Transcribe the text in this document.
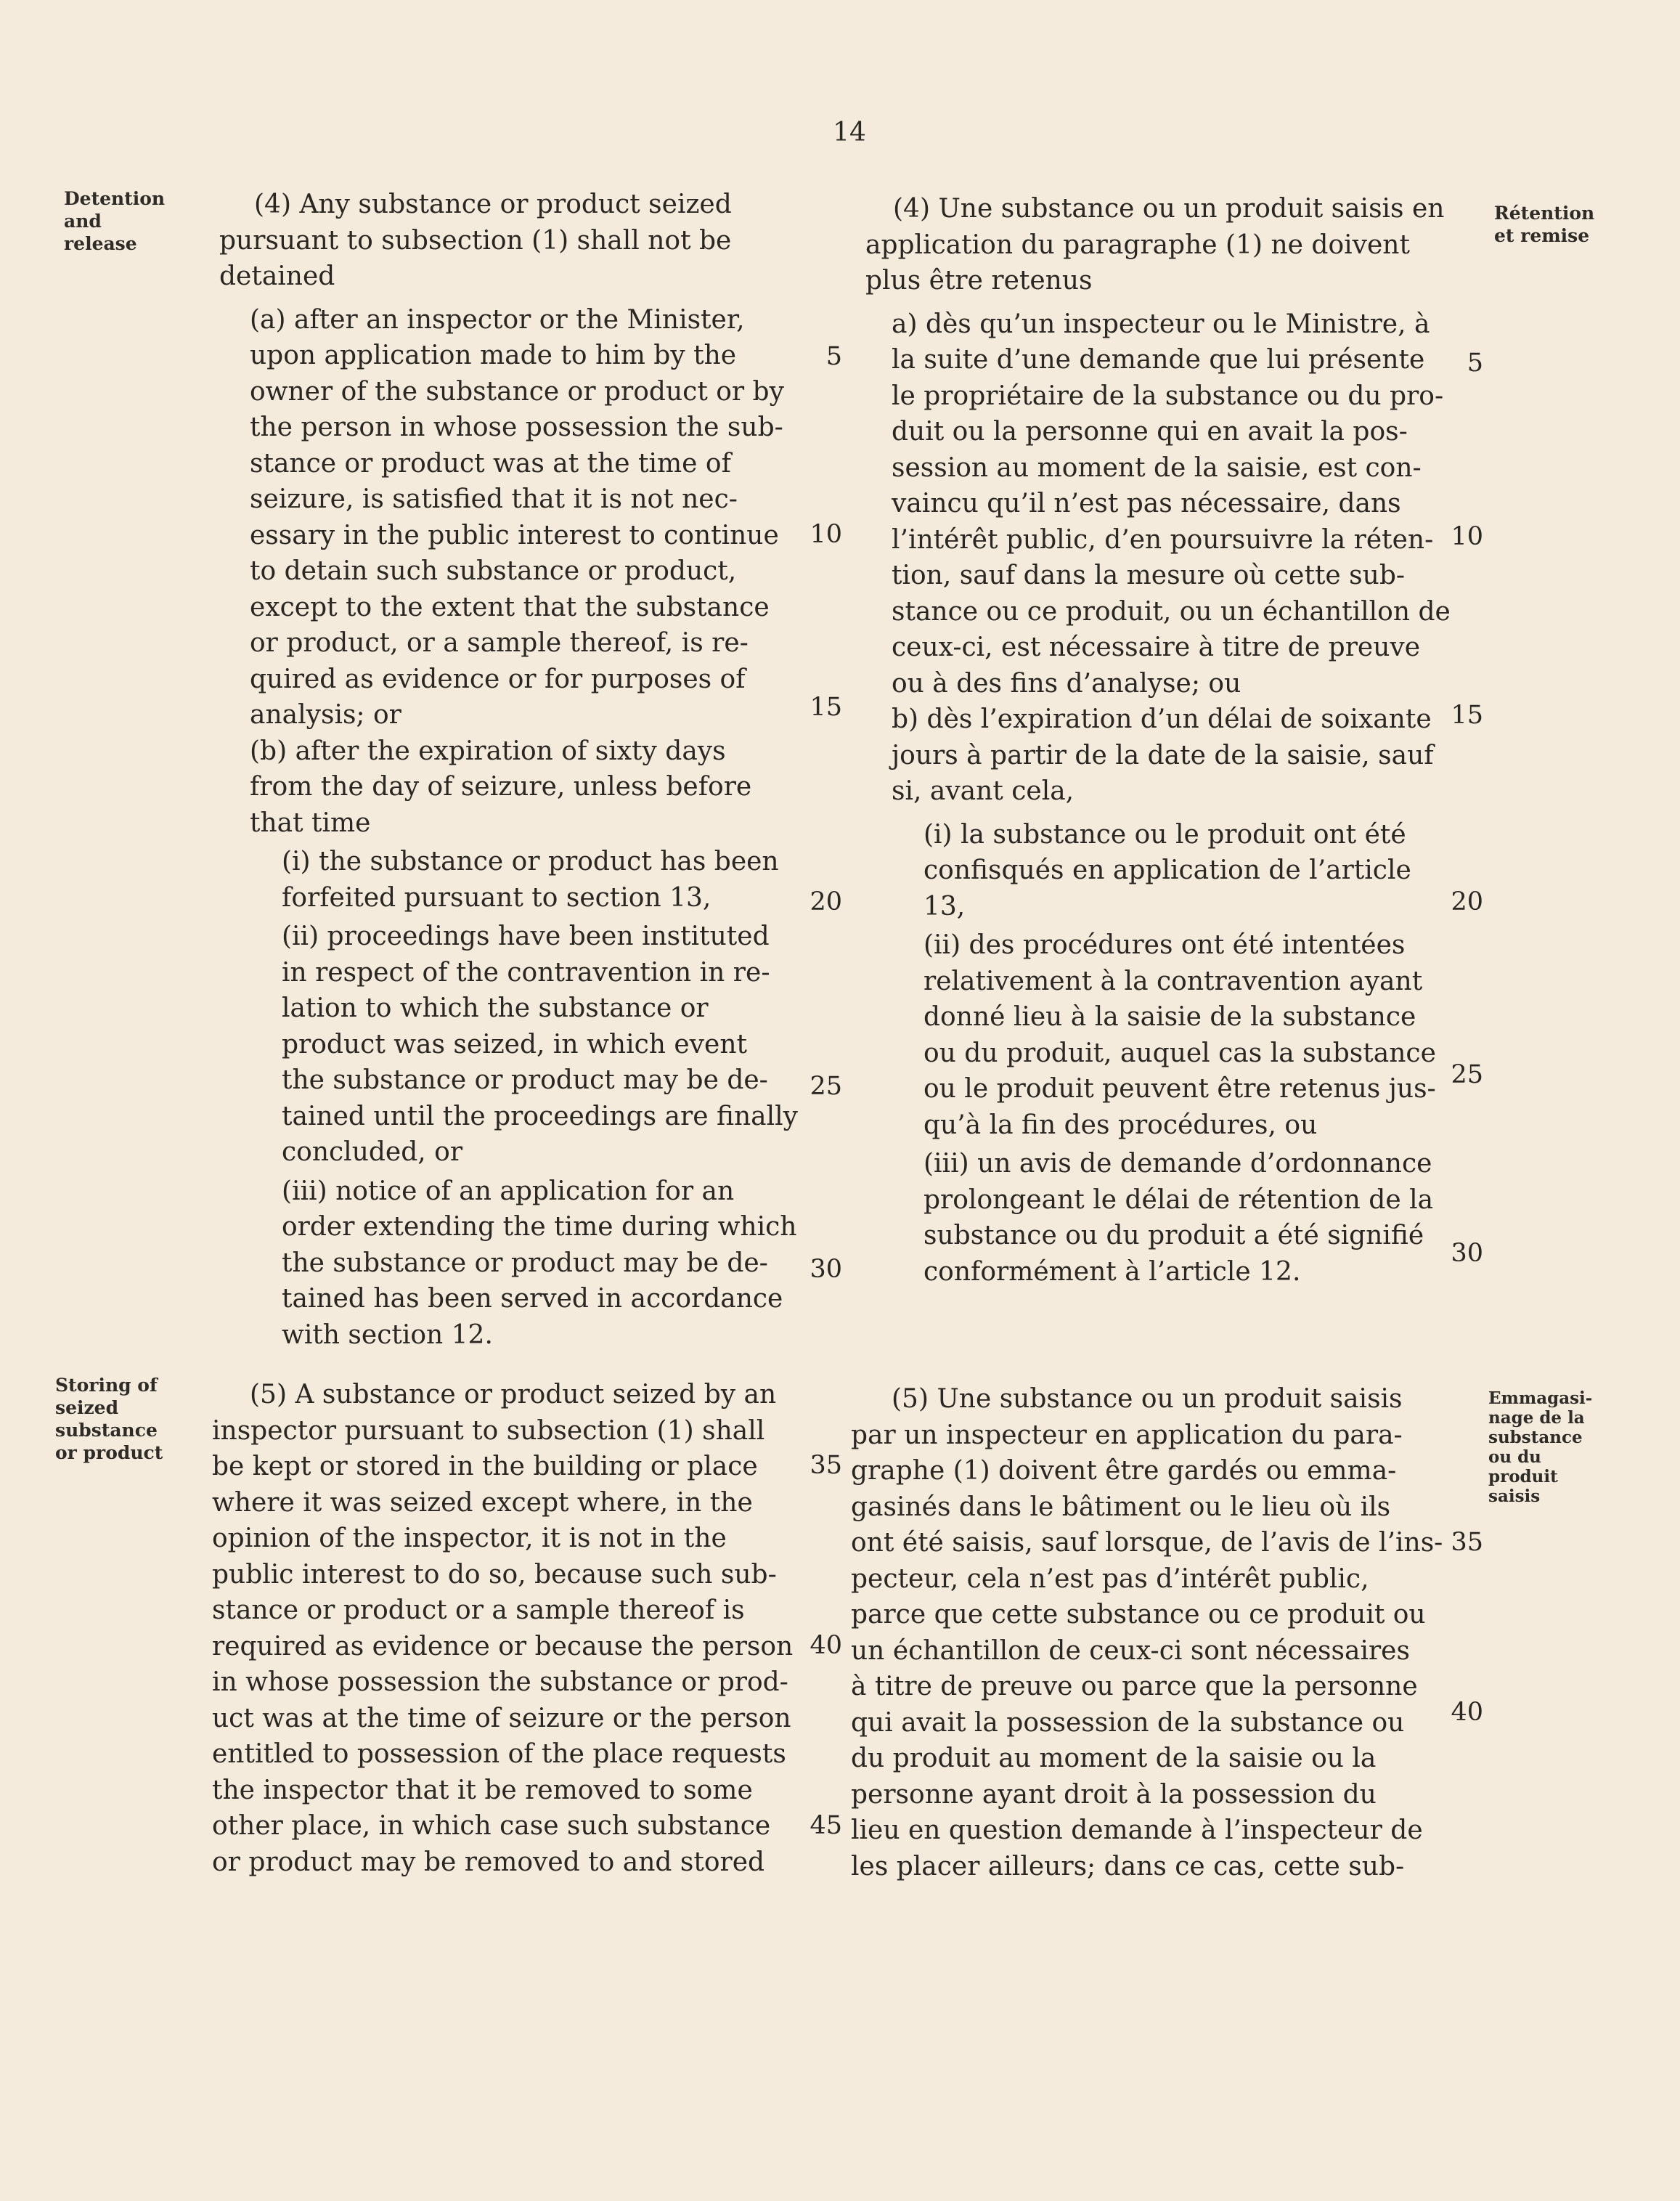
14
Detention
and
release
Rétention
et remise
Storing of
seized
substance
or product
Emmagasi-
nage de la
substance
ou du
produit
saisis
(4) Any substance or product seized
pursuant to subsection (1) shall not be
detained
(a) after an inspector or the Minister,
upon application made to him by the
owner of the substance or product or by
the person in whose possession the sub-
stance or product was at the time of
seizure, is satisfied that it is not nec-
essary in the public interest to continue
to detain such substance or product,
except to the extent that the substance
or product, or a sample thereof, is re-
quired as evidence or for purposes of
analysis; or
(b) after the expiration of sixty days
from the day of seizure, unless before
that time
(i) the substance or product has been
forfeited pursuant to section 13,
(ii) proceedings have been instituted
in respect of the contravention in re-
lation to which the substance or
product was seized, in which event
the substance or product may be de-
tained until the proceedings are finally
concluded, or
(iii) notice of an application for an
order extending the time during which
the substance or product may be de-
tained has been served in accordance
with section 12.
(5) A substance or product seized by an
inspector pursuant to subsection (1) shall
be kept or stored in the building or place
where it was seized except where, in the
opinion of the inspector, it is not in the
public interest to do so, because such sub-
stance or product or a sample thereof is
required as evidence or because the person
in whose possession the substance or prod-
uct was at the time of seizure or the person
entitled to possession of the place requests
the inspector that it be removed to some
other place, in which case such substance
or product may be removed to and stored
5
10
15
20
25
30
35
40
45
(4) Une substance ou un produit saisis en
application du paragraphe (1) ne doivent
plus être retenus
a) dès qu’un inspecteur ou le Ministre, à
la suite d’une demande que lui présente
le propriétaire de la substance ou du pro-
duit ou la personne qui en avait la pos-
session au moment de la saisie, est con-
vaincu qu’il n’est pas nécessaire, dans
l’intérêt public, d’en poursuivre la réten-
tion, sauf dans la mesure où cette sub-
stance ou ce produit, ou un échantillon de
ceux-ci, est nécessaire à titre de preuve
ou à des fins d’analyse; ou
b) dès l’expiration d’un délai de soixante
jours à partir de la date de la saisie, sauf
si, avant cela,
(i) la substance ou le produit ont été
confisqués en application de l’article
13,
(ii) des procédures ont été intentées
relativement à la contravention ayant
donné lieu à la saisie de la substance
ou du produit, auquel cas la substance
ou le produit peuvent être retenus jus-
qu’à la fin des procédures, ou
(iii) un avis de demande d’ordonnance
prolongeant le délai de rétention de la
substance ou du produit a été signifié
conformément à l’article 12.
(5) Une substance ou un produit saisis
par un inspecteur en application du para-
graphe (1) doivent être gardés ou emma-
gasinés dans le bâtiment ou le lieu où ils
ont été saisis, sauf lorsque, de l’avis de l’ins-
pecteur, cela n’est pas d’intérêt public,
parce que cette substance ou ce produit ou
un échantillon de ceux-ci sont nécessaires
à titre de preuve ou parce que la personne
qui avait la possession de la substance ou
du produit au moment de la saisie ou la
personne ayant droit à la possession du
lieu en question demande à l’inspecteur de
les placer ailleurs; dans ce cas, cette sub-
5
10
15
20
25
30
35
40
